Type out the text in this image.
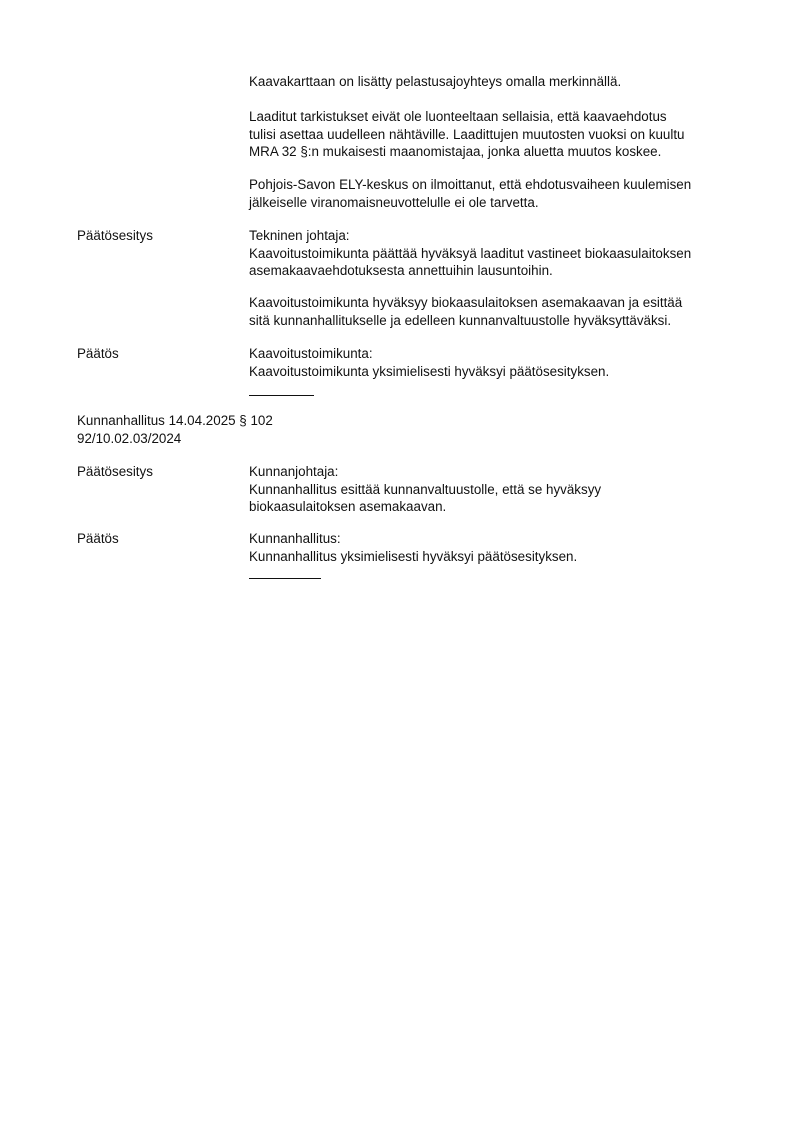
Kaavakarttaan on lisätty pelastusajoyhteys omalla merkinnällä.
Laaditut tarkistukset eivät ole luonteeltaan sellaisia, että kaavaehdotus
tulisi asettaa uudelleen nähtäville. Laadittujen muutosten vuoksi on kuultu
MRA 32 §:n mukaisesti maanomistajaa, jonka aluetta muutos koskee.
Pohjois-Savon ELY-keskus on ilmoittanut, että ehdotusvaiheen kuulemisen
jälkeiselle viranomaisneuvottelulle ei ole tarvetta.
Päätösesitys	Tekninen johtaja:
Kaavoitustoimikunta päättää hyväksyä laaditut vastineet biokaasulaitoksen
asemakaavaehdotuksesta annettuihin lausuntoihin.
Kaavoitustoimikunta hyväksyy biokaasulaitoksen asemakaavan ja esittää
sitä kunnanhallitukselle ja edelleen kunnanvaltuustolle hyväksyttäväksi.
Päätös	Kaavoitustoimikunta:
Kaavoitustoimikunta yksimielisesti hyväksyi päätösesityksen.
Kunnanhallitus 14.04.2025 § 102
92/10.02.03/2024
Päätösesitys	Kunnanjohtaja:
Kunnanhallitus esittää kunnanvaltuustolle, että se hyväksyy
biokaasulaitoksen asemakaavan.
Päätös	Kunnanhallitus:
Kunnanhallitus yksimielisesti hyväksyi päätösesityksen.
